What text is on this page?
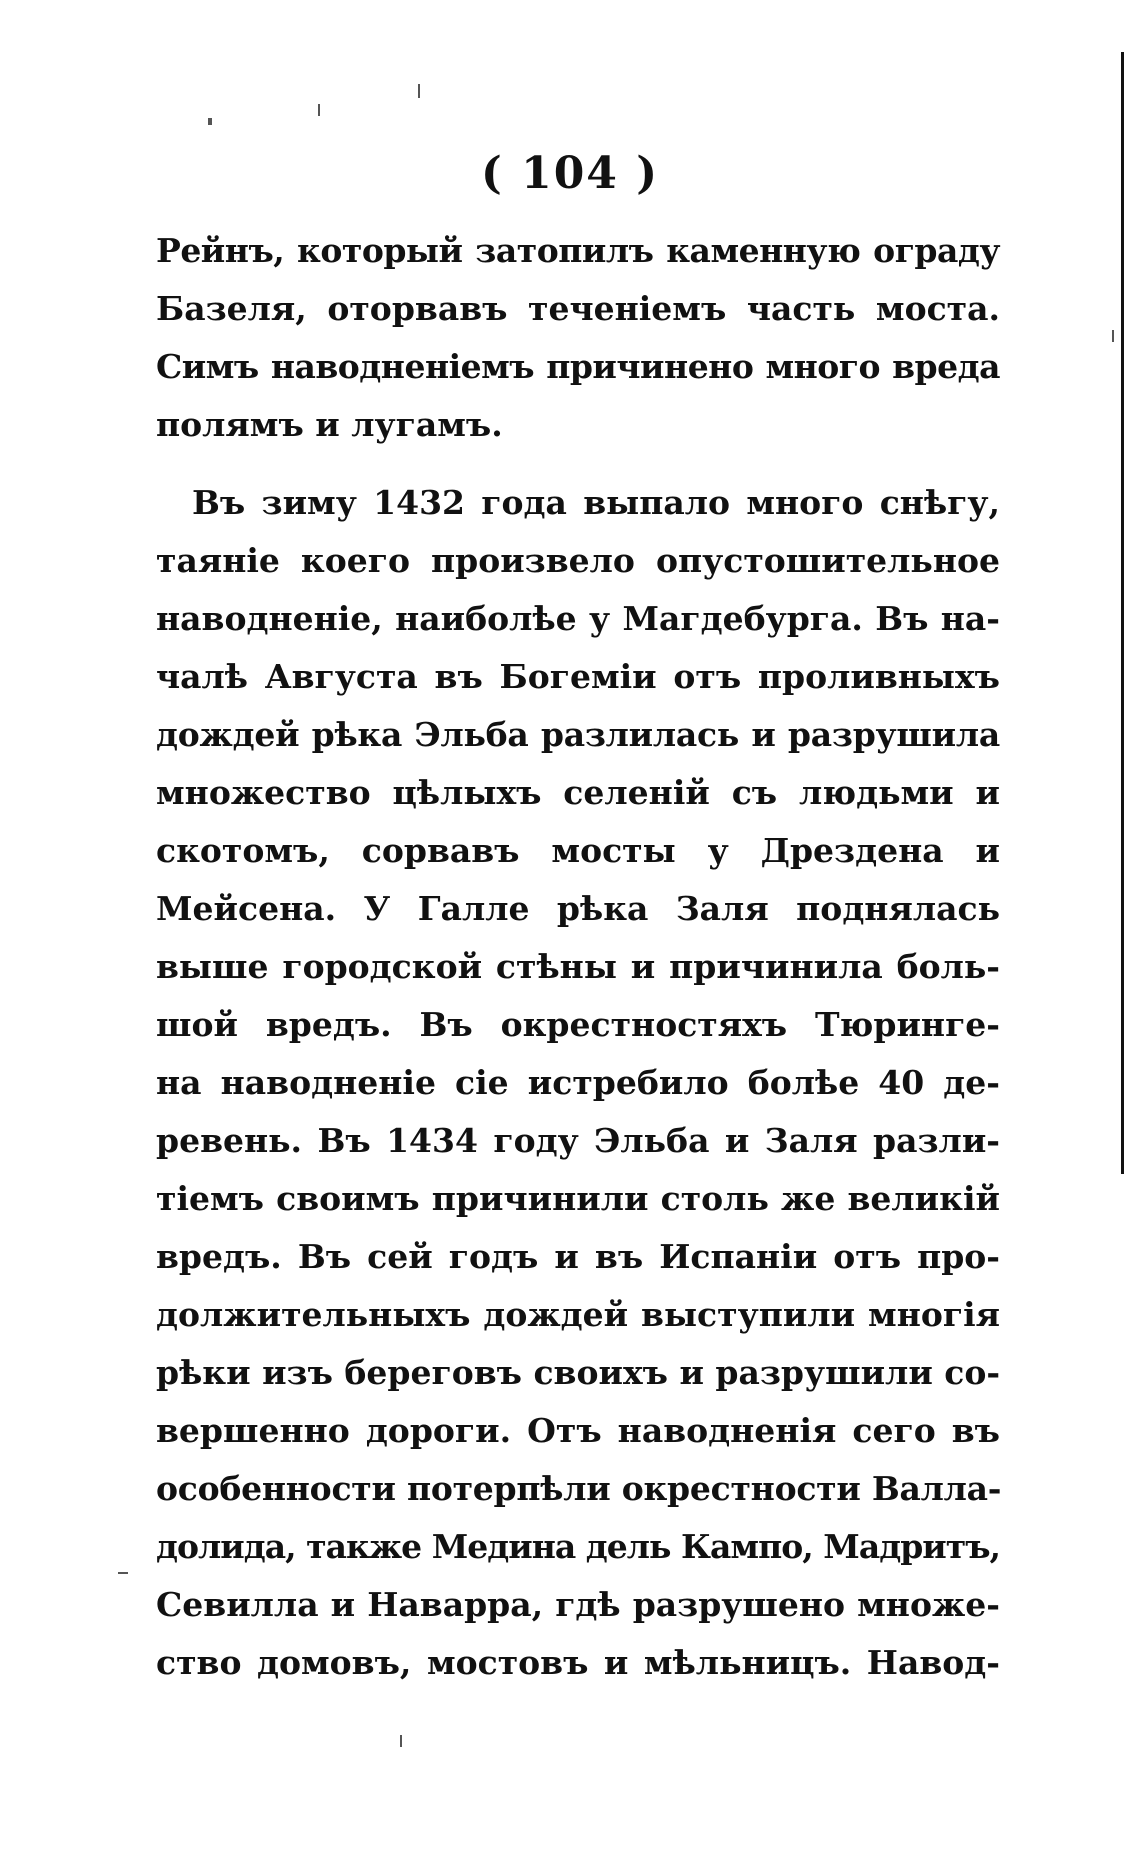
( 104 )
Рейнъ, который затопилъ каменную ограду
Базеля, оторвавъ теченіемъ часть моста.
Симъ наводненіемъ причинено много вреда
полямъ и лугамъ.
Въ зиму 1432 года выпало много снѣгу,
таяніе коего произвело опустошительное
наводненіе, наиболѣе у Магдебурга. Въ на-
чалѣ Августа въ Богеміи отъ проливныхъ
дождей рѣка Эльба разлилась и разрушила
множество цѣлыхъ селеній съ людьми и
скотомъ, сорвавъ мосты у Дрездена и
Мейсена. У Галле рѣка Заля поднялась
выше городской стѣны и причинила боль-
шой вредъ. Въ окрестностяхъ Тюринге-
на наводненіе сіе истребило болѣе 40 де-
ревень. Въ 1434 году Эльба и Заля разли-
тіемъ своимъ причинили столь же великій
вредъ. Въ сей годъ и въ Испаніи отъ про-
должительныхъ дождей выступили многія
рѣки изъ береговъ своихъ и разрушили со-
вершенно дороги. Отъ наводненія сего въ
особенности потерпѣли окрестности Валла-
долида, также Медина дель Кампо, Мадритъ,
Севилла и Наварра, гдѣ разрушено множе-
ство домовъ, мостовъ и мѣльницъ. Навод-
